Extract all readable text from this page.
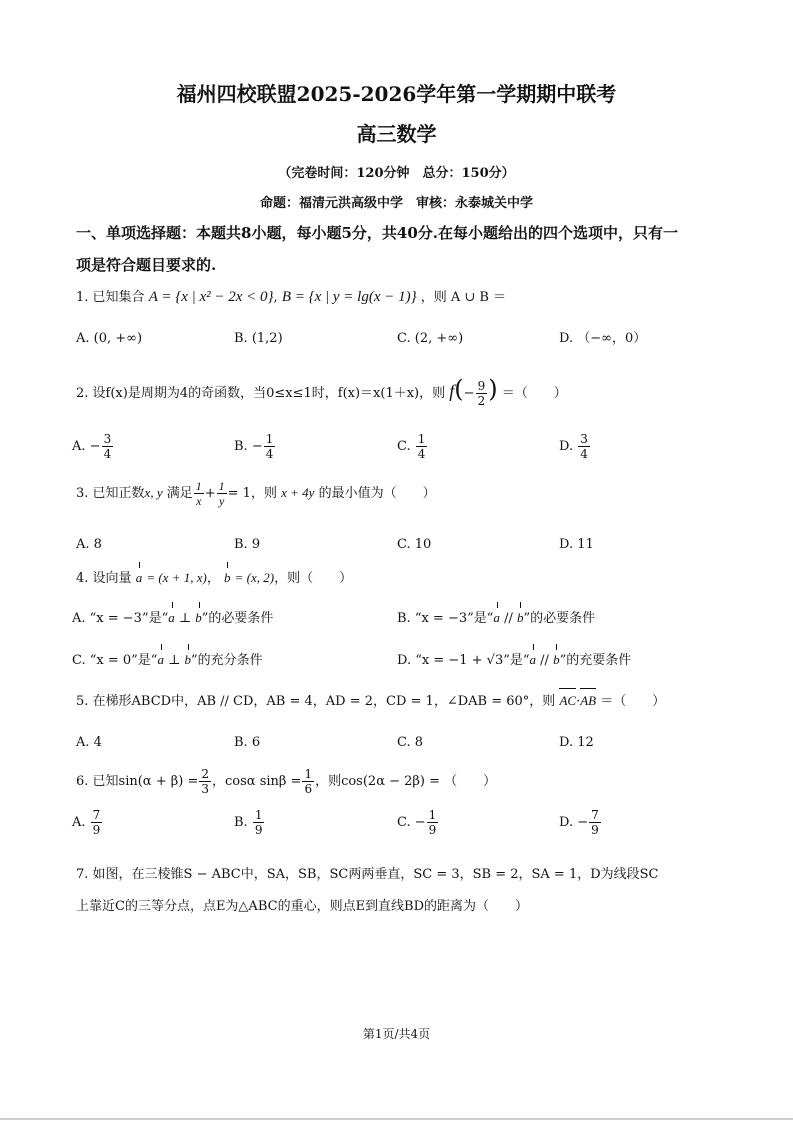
福州四校联盟2025-2026学年第一学期期中联考
高三数学
（完卷时间：120分钟　总分：150分）
命题：福清元洪高级中学　审核：永泰城关中学
一、单项选择题：本题共8小题，每小题5分，共40分.在每小题给出的四个选项中，只有一
项是符合题目要求的.
1. 已知集合 A = {x | x² − 2x < 0}, B = {x | y = lg(x − 1)} ，则 A ∪ B ＝
A. (0, +∞)	B. (1,2)	C. (2, +∞)	D. （−∞，0）
2. 设f(x)是周期为4的奇函数，当0≤x≤1时，f(x)＝x(1＋x)，则 $f(- \frac{9}{2}$ ) ＝（　　）
A. − $\frac{3}{4}$	B. − $\frac{1}{4}$	C. $\frac{1}{4}$	D. $\frac{3}{4}$
3. 已知正数x, y 满足 $\frac{1}{x} + \frac{1}{y} = 1$，则 x + 4y 的最小值为（　　）
A. 8	B. 9	C. 10	D. 11
4. 设向量 a = (x + 1, x)， b = (x, 2)，则（　　）
A. “x = −3”是“a ⊥ b”的必要条件	B. “x = −3”是“a // b”的必要条件
C. “x = 0”是“a ⊥ b”的充分条件	D. “x = −1 + √3”是“a // b”的充要条件
5. 在梯形ABCD中，AB // CD，AB = 4，AD = 2，CD = 1，∠DAB = 60°，则 AC·AB ＝（　　）
A. 4	B. 6	C. 8	D. 12
6. 已知$\sin(\alpha + \beta) = \frac{2}{3}$ ，cosα $\sin\beta = \frac{1}{6}$ ，则cos(2α − 2β) = （　　）
A. $\frac{7}{9}$	B. $\frac{1}{9}$	C. − $\frac{1}{9}$	D. − $\frac{7}{9}$
7. 如图，在三棱锥S − ABC中，SA，SB，SC两两垂直，SC = 3，SB = 2，SA = 1，D为线段SC
上靠近C的三等分点，点E为△ABC的重心，则点E到直线BD的距离为（　　）
第1页/共4页
